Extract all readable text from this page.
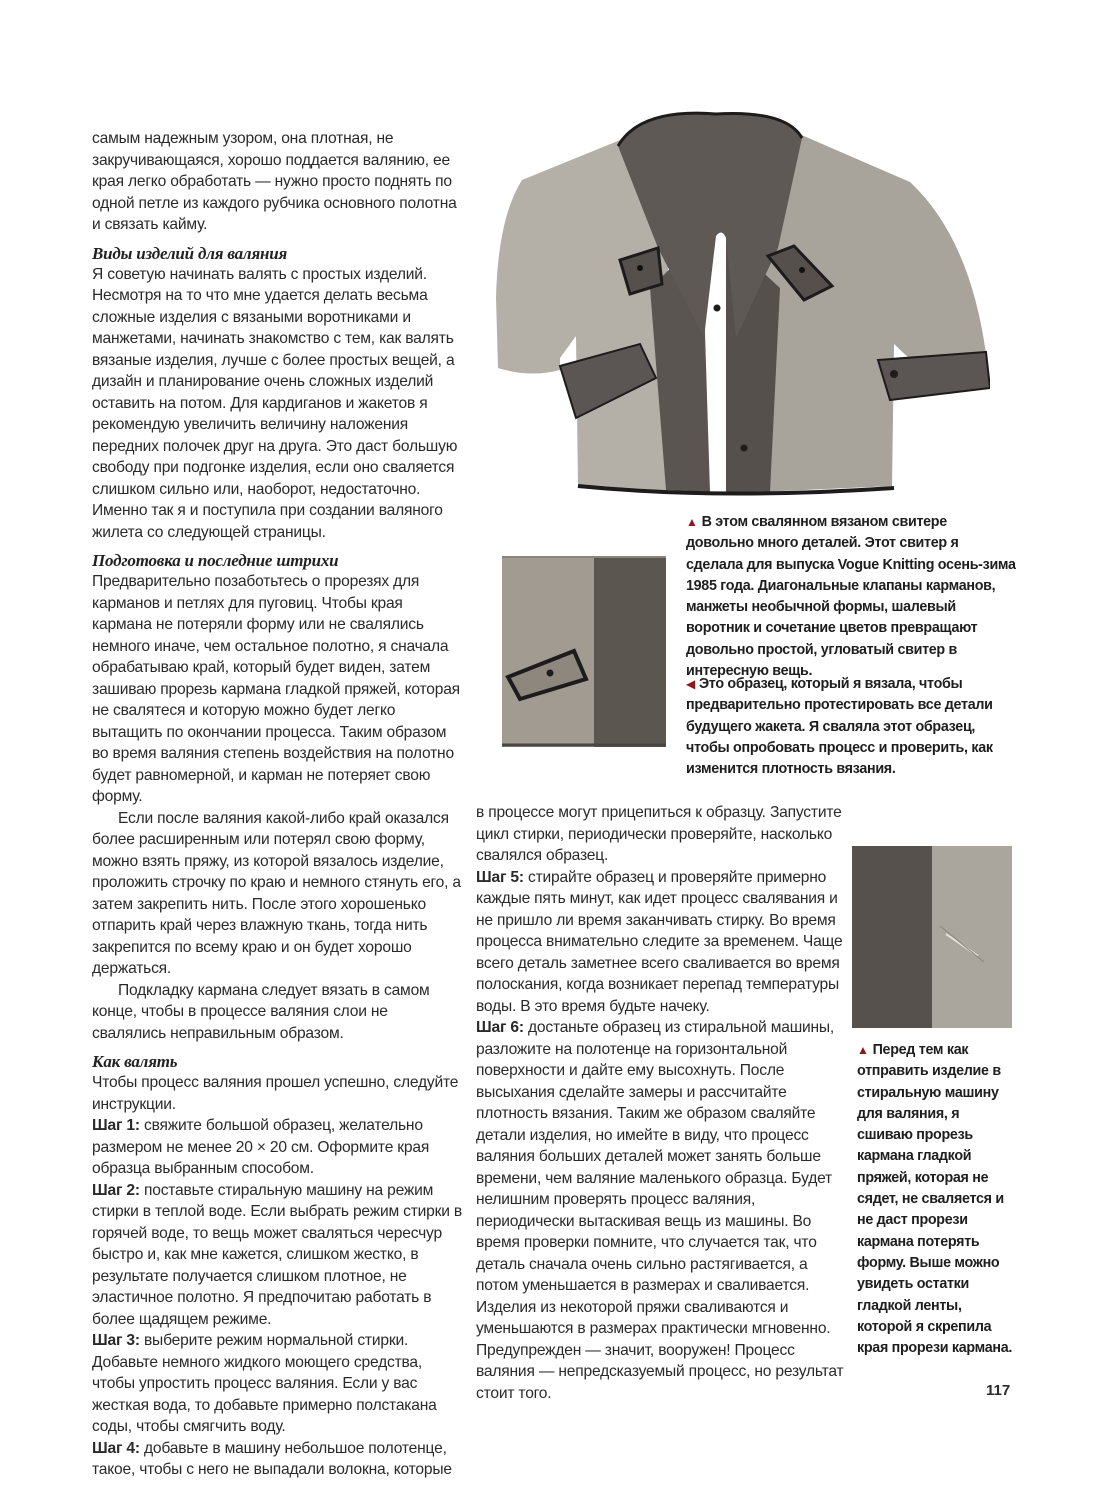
самым надежным узором, она плотная, не закручивающаяся, хорошо поддается валянию, ее края легко обработать — нужно просто поднять по одной петле из каждого рубчика основного полотна и связать кайму.

Виды изделий для валяния

Я советую начинать валять с простых изделий. Несмотря на то что мне удается делать весьма сложные изделия с вязаными воротниками и манжетами, начинать знакомство с тем, как валять вязаные изделия, лучше с более простых вещей, а дизайн и планирование очень сложных изделий оставить на потом. Для кардиганов и жакетов я рекомендую увеличить величину наложения передних полочек друг на друга. Это даст большую свободу при подгонке изделия, если оно сваляется слишком сильно или, наоборот, недостаточно. Именно так я и поступила при создании валяного жилета со следующей страницы.

Подготовка и последние штрихи

Предварительно позаботьтесь о прорезях для карманов и петлях для пуговиц. Чтобы края кармана не потеряли форму или не свалялись немного иначе, чем остальное полотно, я сначала обрабатываю край, который будет виден, затем зашиваю прорезь кармана гладкой пряжей, которая не свалятеся и которую можно будет легко вытащить по окончании процесса. Таким образом во время валяния степень воздействия на полотно будет равномерной, и карман не потеряет свою форму.

Если после валяния какой-либо край оказался более расширенным или потерял свою форму, можно взять пряжу, из которой вязалось изделие, проложить строчку по краю и немного стянуть его, а затем закрепить нить. После этого хорошенько отпарить край через влажную ткань, тогда нить закрепится по всему краю и он будет хорошо держаться.

Подкладку кармана следует вязать в самом конце, чтобы в процессе валяния слои не свалялись неправильным образом.

Как валять

Чтобы процесс валяния прошел успешно, следуйте инструкции.

Шаг 1: свяжите большой образец, желательно размером не менее 20 × 20 см. Оформите края образца выбранным способом.

Шаг 2: поставьте стиральную машину на режим стирки в теплой воде. Если выбрать режим стирки в горячей воде, то вещь может сваляться чересчур быстро и, как мне кажется, слишком жестко, в результате получается слишком плотное, не эластичное полотно. Я предпочитаю работать в более щадящем режиме.

Шаг 3: выберите режим нормальной стирки. Добавьте немного жидкого моющего средства, чтобы упростить процесс валяния. Если у вас жесткая вода, то добавьте примерно полстакана соды, чтобы смягчить воду.

Шаг 4: добавьте в машину небольшое полотенце, такое, чтобы с него не выпадали волокна, которые

▲ В этом свалянном вязаном свитере довольно много деталей. Этот свитер я сделала для выпуска Vogue Knitting осень-зима 1985 года. Диагональные клапаны карманов, манжеты необычной формы, шалевый воротник и сочетание цветов превращают довольно простой, угловатый свитер в интересную вещь.
◀ Это образец, который я вязала, чтобы предварительно протестировать все детали будущего жакета. Я сваляла этот образец, чтобы опробовать процесс и проверить, как изменится плотность вязания.
▲ Перед тем как отправить изделие в стиральную машину для валяния, я сшиваю прорезь кармана гладкой пряжей, которая не сядет, не сваляется и не даст прорези кармана потерять форму. Выше можно увидеть остатки гладкой ленты, которой я скрепила края прорези кармана.

в процессе могут прицепиться к образцу. Запустите цикл стирки, периодически проверяйте, насколько свалялся образец.

Шаг 5: стирайте образец и проверяйте примерно каждые пять минут, как идет процесс свалявания и не пришло ли время заканчивать стирку. Во время процесса внимательно следите за временем. Чаще всего деталь заметнее всего сваливается во время полоскания, когда возникает перепад температуры воды. В это время будьте начеку.

Шаг 6: достаньте образец из стиральной машины, разложите на полотенце на горизонтальной поверхности и дайте ему высохнуть. После высыхания сделайте замеры и рассчитайте плотность вязания. Таким же образом сваляйте детали изделия, но имейте в виду, что процесс валяния больших деталей может занять больше времени, чем валяние маленького образца. Будет нелишним проверять процесс валяния, периодически вытаскивая вещь из машины. Во время проверки помните, что случается так, что деталь сначала очень сильно растягивается, а потом уменьшается в размерах и сваливается. Изделия из некоторой пряжи сваливаются и уменьшаются в размерах практически мгновенно. Предупрежден — значит, вооружен! Процесс валяния — непредсказуемый процесс, но результат стоит того.	117
